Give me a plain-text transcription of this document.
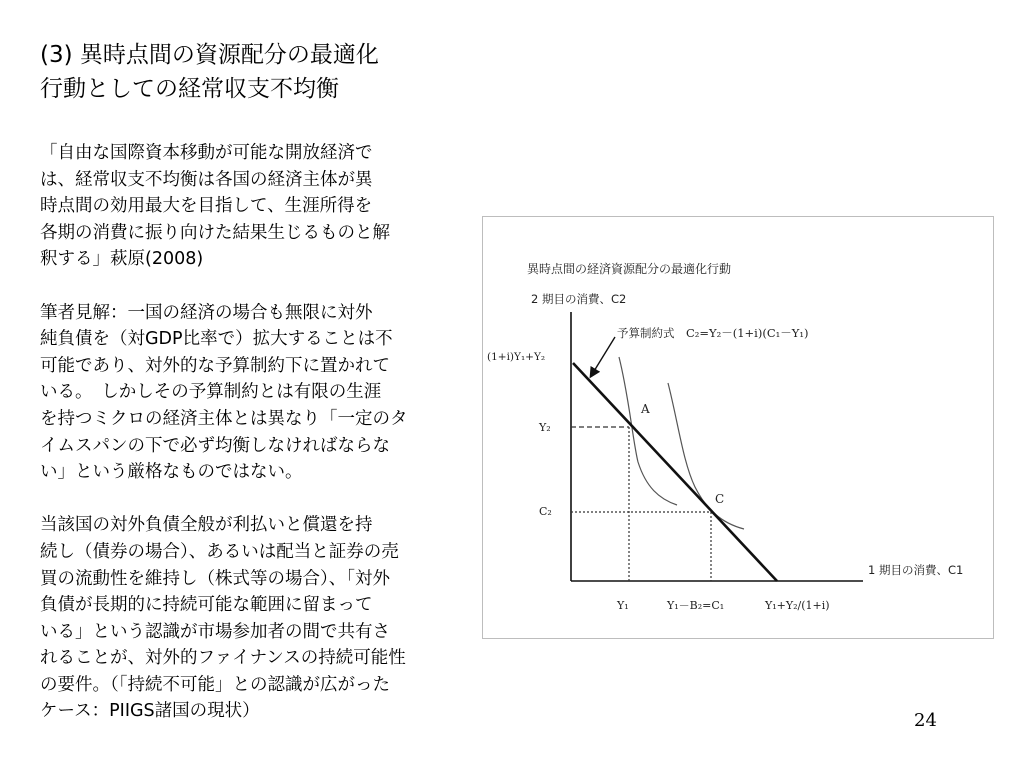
(3) 異時点間の資源配分の最適化
行動としての経常収支不均衡
「自由な国際資本移動が可能な開放経済で
は、経常収支不均衡は各国の経済主体が異
時点間の効用最大を目指して、生涯所得を
各期の消費に振り向けた結果生じるものと解
釈する」萩原(2008)
筆者見解：一国の経済の場合も無限に対外
純負債を（対GDP比率で）拡大することは不
可能であり、対外的な予算制約下に置かれて
いる。　しかしその予算制約とは有限の生涯
を持つミクロの経済主体とは異なり「一定のタ
イムスパンの下で必ず均衡しなければならな
い」という厳格なものではない。
当該国の対外負債全般が利払いと償還を持
続し（債券の場合）、あるいは配当と証券の売
買の流動性を維持し（株式等の場合）、「対外
負債が長期的に持続可能な範囲に留まって
いる」という認識が市場参加者の間で共有さ
れることが、対外的ファイナンスの持続可能性
の要件。（「持続不可能」との認識が広がった
ケース：PIIGS諸国の現状）
異時点間の経済資源配分の最適化行動
2 期目の消費、C2
1 期目の消費、C1
予算制約式　C₂=Y₂－(1+i)(C₁－Y₁)
(1+i)Y₁+Y₂
Y₂
C₂
Y₁	Y₁－B₂=C₁	Y₁+Y₂/(1+i)
A
C
24
